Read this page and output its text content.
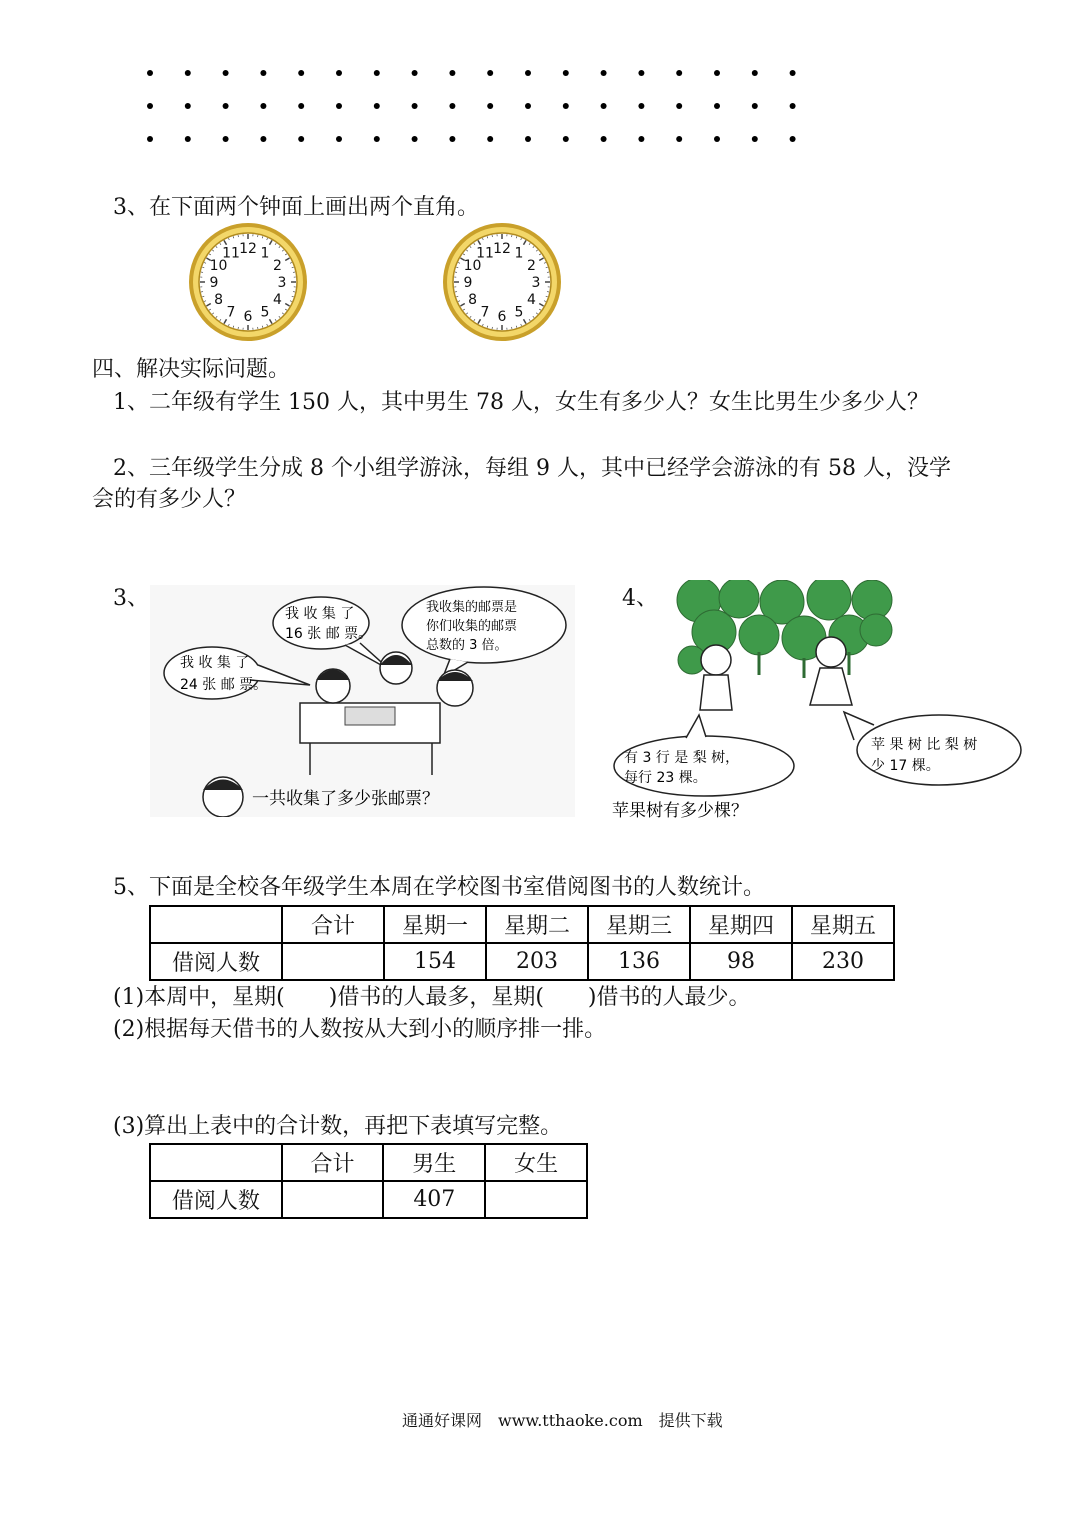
3、在下面两个钟面上画出两个直角。
12 1
2
3
4
5
6
7
8
9
10
11	12 1
2
3
4
5
6
7
8
9
10
11
四、解决实际问题。
1、二年级有学生 150 人，其中男生 78 人，女生有多少人？女生比男生少多少人？
2、三年级学生分成 8 个小组学游泳，每组 9 人，其中已经学会游泳的有 58 人，没学
会的有多少人？
3、
我 收 集 了
24 张 邮 票。
我 收 集 了
16 张 邮 票。
我收集的邮票是
你们收集的邮票
总数的 3 倍。
一共收集了多少张邮票？
4、
有 3 行 是 梨 树，
每行 23 棵。
苹 果 树 比 梨 树
少 17 棵。
苹果树有多少棵？
5、下面是全校各年级学生本周在学校图书室借阅图书的人数统计。
	合计	星期一	星期二	星期三	星期四	星期五
借阅人数		154	203	136	98	230
(1)本周中，星期(　　)借书的人最多，星期(　　)借书的人最少。
(2)根据每天借书的人数按从大到小的顺序排一排。
(3)算出上表中的合计数，再把下表填写完整。
	合计	男生	女生
借阅人数		407	
通通好课网　www.tthaoke.com　提供下载
